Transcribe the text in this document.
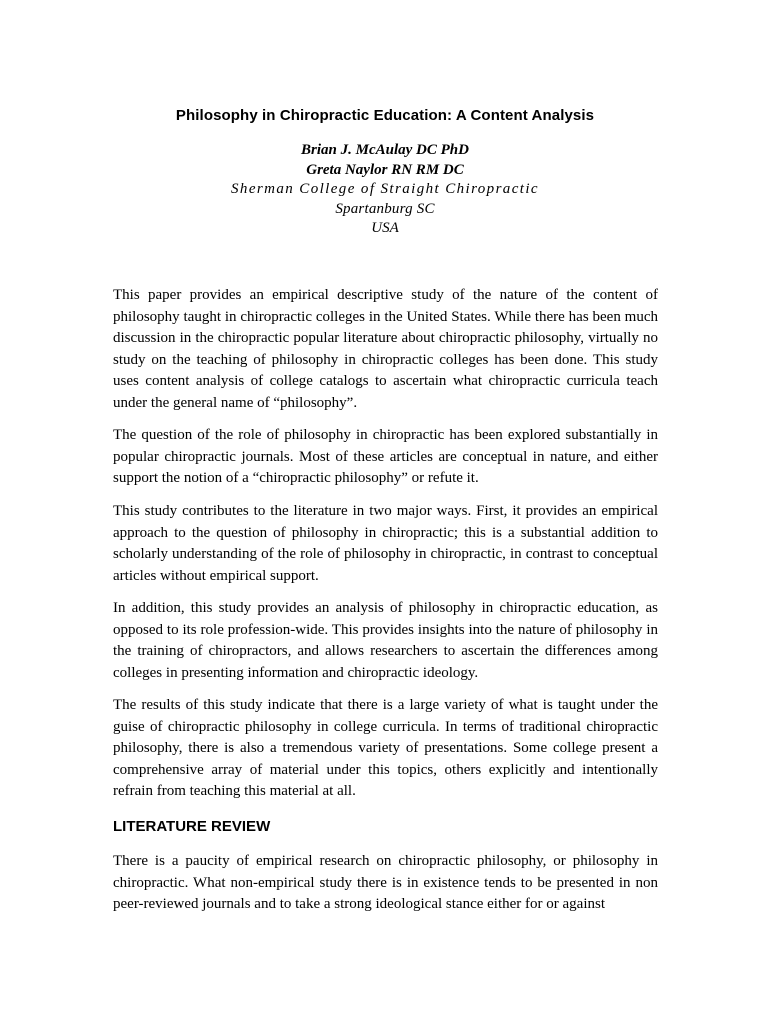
Philosophy in Chiropractic Education: A Content Analysis
Brian J. McAulay DC PhD
Greta Naylor RN RM DC
Sherman College of Straight Chiropractic
Spartanburg SC
USA

This paper provides an empirical descriptive study of the nature of the content of philosophy taught in chiropractic colleges in the United States. While there has been much discussion in the chiropractic popular literature about chiropractic philosophy, virtually no study on the teaching of philosophy in chiropractic colleges has been done. This study uses content analysis of college catalogs to ascertain what chiropractic curricula teach under the general name of “philosophy”.

The question of the role of philosophy in chiropractic has been explored substantially in popular chiropractic journals. Most of these articles are conceptual in nature, and either support the notion of a “chiropractic philosophy” or refute it.

This study contributes to the literature in two major ways. First, it provides an empirical approach to the question of philosophy in chiropractic; this is a substantial addition to scholarly understanding of the role of philosophy in chiropractic, in contrast to conceptual articles without empirical support.

In addition, this study provides an analysis of philosophy in chiropractic education, as opposed to its role profession-wide. This provides insights into the nature of philosophy in the training of chiropractors, and allows researchers to ascertain the differences among colleges in presenting information and chiropractic ideology.

The results of this study indicate that there is a large variety of what is taught under the guise of chiropractic philosophy in college curricula. In terms of traditional chiropractic philosophy, there is also a tremendous variety of presentations. Some college present a comprehensive array of material under this topics, others explicitly and intentionally refrain from teaching this material at all.

LITERATURE REVIEW

There is a paucity of empirical research on chiropractic philosophy, or philosophy in chiropractic. What non-empirical study there is in existence tends to be presented in non peer-reviewed journals and to take a strong ideological stance either for or against
